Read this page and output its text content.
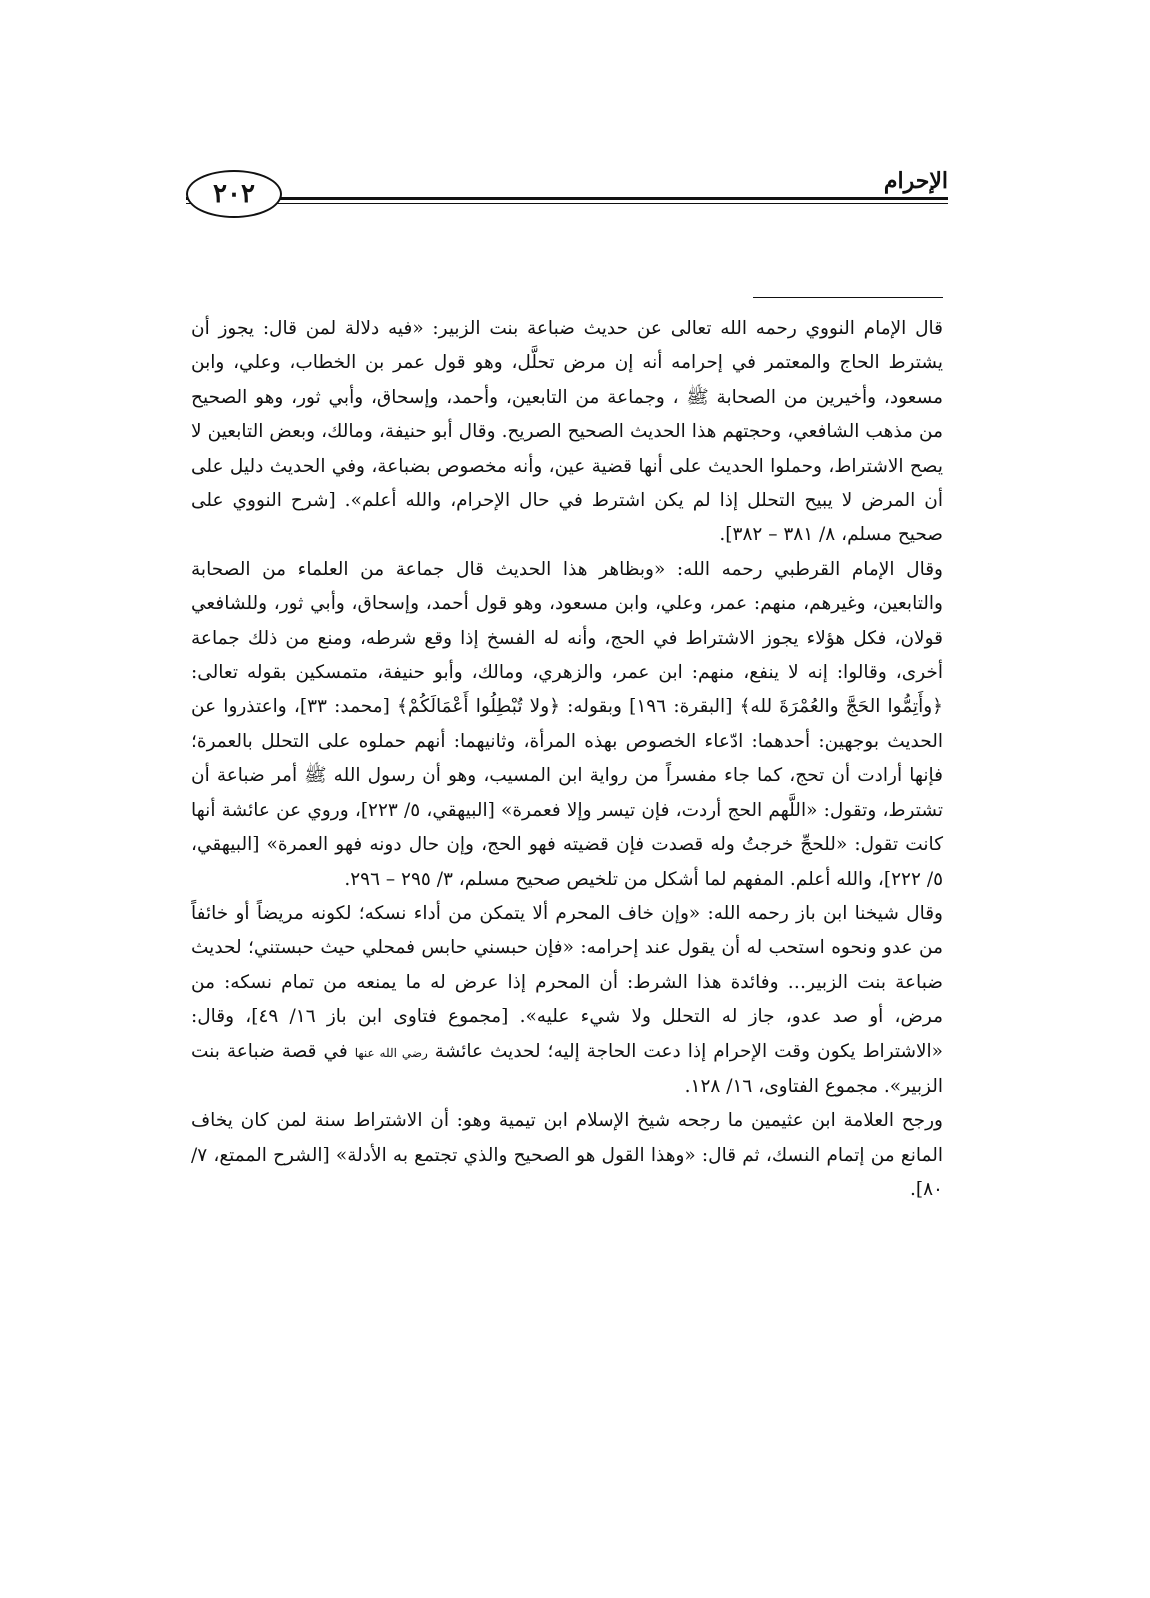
الإحرام
٢٠٢

قال الإمام النووي رحمه الله تعالى عن حديث ضباعة بنت الزبير: «فيه دلالة لمن قال: يجوز أن يشترط الحاج والمعتمر في إحرامه أنه إن مرض تحلَّل، وهو قول عمر بن الخطاب، وعلي، وابن مسعود، وأخيرين من الصحابة ﷺ ، وجماعة من التابعين، وأحمد، وإسحاق، وأبي ثور، وهو الصحيح من مذهب الشافعي، وحجتهم هذا الحديث الصحيح الصريح. وقال أبو حنيفة، ومالك، وبعض التابعين لا يصح الاشتراط، وحملوا الحديث على أنها قضية عين، وأنه مخصوص بضباعة، وفي الحديث دليل على أن المرض لا يبيح التحلل إذا لم يكن اشترط في حال الإحرام، والله أعلم». [شرح النووي على صحيح مسلم، ٨/ ٣٨١ – ٣٨٢].

وقال الإمام القرطبي رحمه الله: «وبظاهر هذا الحديث قال جماعة من العلماء من الصحابة والتابعين، وغيرهم، منهم: عمر، وعلي، وابن مسعود، وهو قول أحمد، وإسحاق، وأبي ثور، وللشافعي قولان، فكل هؤلاء يجوز الاشتراط في الحج، وأنه له الفسخ إذا وقع شرطه، ومنع من ذلك جماعة أخرى، وقالوا: إنه لا ينفع، منهم: ابن عمر، والزهري، ومالك، وأبو حنيفة، متمسكين بقوله تعالى: ﴿وأَتِمُّوا الحَجَّ والعُمْرَةَ لله﴾ [البقرة: ١٩٦] وبقوله: ﴿ولا تُبْطِلُوا أَعْمَالَكُمْ﴾ [محمد: ٣٣]، واعتذروا عن الحديث بوجهين: أحدهما: ادّعاء الخصوص بهذه المرأة، وثانيهما: أنهم حملوه على التحلل بالعمرة؛ فإنها أرادت أن تحج، كما جاء مفسراً من رواية ابن المسيب، وهو أن رسول الله ﷺ أمر ضباعة أن تشترط، وتقول: «اللَّهم الحج أردت، فإن تيسر وإلا فعمرة» [البيهقي، ٥/ ٢٢٣]، وروي عن عائشة أنها كانت تقول: «للحجِّ خرجتُ وله قصدت فإن قضيته فهو الحج، وإن حال دونه فهو العمرة» [البيهقي، ٥/ ٢٢٢]، والله أعلم. المفهم لما أشكل من تلخيص صحيح مسلم، ٣/ ٢٩٥ – ٢٩٦.

وقال شيخنا ابن باز رحمه الله: «وإن خاف المحرم ألا يتمكن من أداء نسكه؛ لكونه مريضاً أو خائفاً من عدو ونحوه استحب له أن يقول عند إحرامه: «فإن حبسني حابس فمحلي حيث حبستني؛ لحديث ضباعة بنت الزبير… وفائدة هذا الشرط: أن المحرم إذا عرض له ما يمنعه من تمام نسكه: من مرض، أو صد عدو، جاز له التحلل ولا شيء عليه». [مجموع فتاوى ابن باز ١٦/ ٤٩]، وقال: «الاشتراط يكون وقت الإحرام إذا دعت الحاجة إليه؛ لحديث عائشة رضي الله عنها في قصة ضباعة بنت الزبير». مجموع الفتاوى، ١٦/ ١٢٨.

ورجح العلامة ابن عثيمين ما رجحه شيخ الإسلام ابن تيمية وهو: أن الاشتراط سنة لمن كان يخاف المانع من إتمام النسك، ثم قال: «وهذا القول هو الصحيح والذي تجتمع به الأدلة» [الشرح الممتع، ٧/ ٨٠].
